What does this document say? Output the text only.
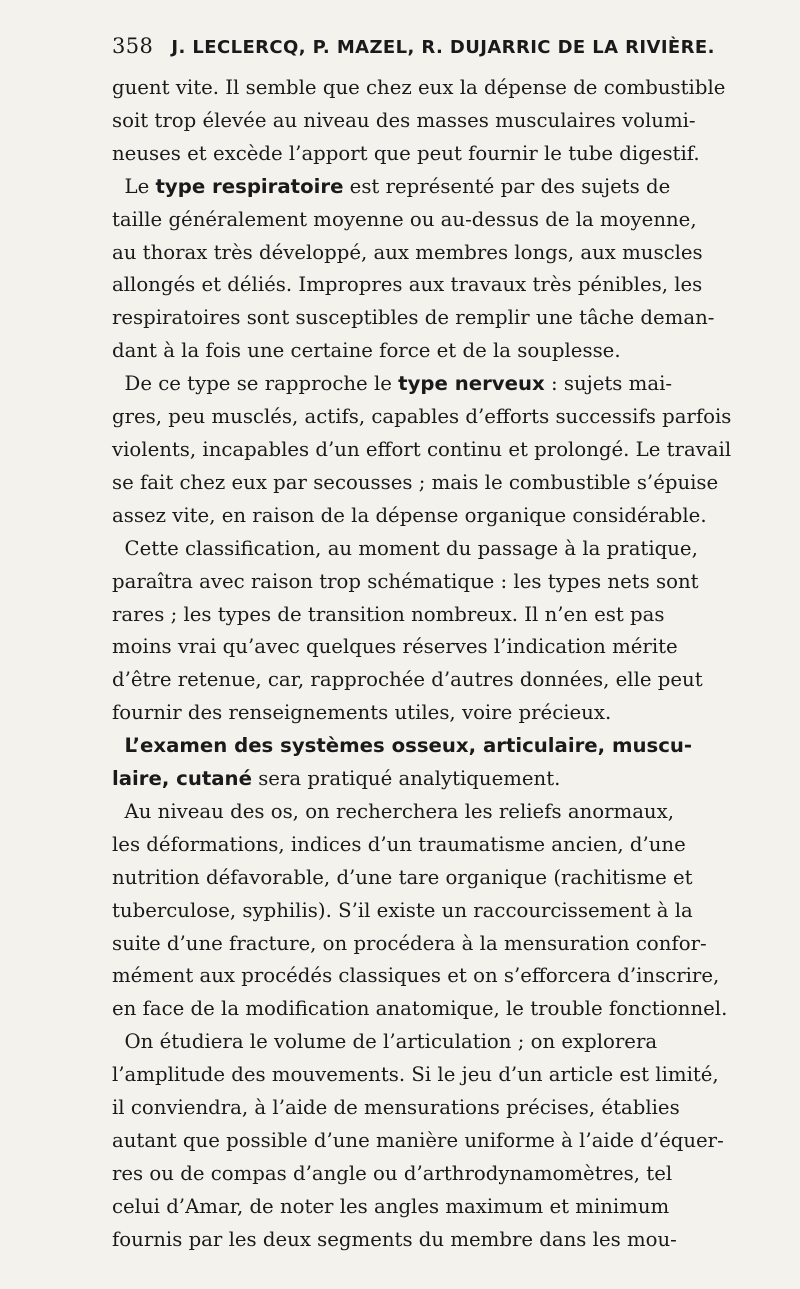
358 J. LECLERCQ, P. MAZEL, R. DUJARRIC DE LA RIVIÈRE.
guent vite. Il semble que chez eux la dépense de combustible
soit trop élevée au niveau des masses musculaires volumi-
neuses et excède l’apport que peut fournir le tube digestif.
Le type respiratoire est représenté par des sujets de
taille généralement moyenne ou au-dessus de la moyenne,
au thorax très développé, aux membres longs, aux muscles
allongés et déliés. Impropres aux travaux très pénibles, les
respiratoires sont susceptibles de remplir une tâche deman-
dant à la fois une certaine force et de la souplesse.
De ce type se rapproche le type nerveux : sujets mai-
gres, peu musclés, actifs, capables d’efforts successifs parfois
violents, incapables d’un effort continu et prolongé. Le travail
se fait chez eux par secousses ; mais le combustible s’épuise
assez vite, en raison de la dépense organique considérable.
Cette classification, au moment du passage à la pratique,
paraîtra avec raison trop schématique : les types nets sont
rares ; les types de transition nombreux. Il n’en est pas
moins vrai qu’avec quelques réserves l’indication mérite
d’être retenue, car, rapprochée d’autres données, elle peut
fournir des renseignements utiles, voire précieux.
L’examen des systèmes osseux, articulaire, muscu-
laire, cutané sera pratiqué analytiquement.
Au niveau des os, on recherchera les reliefs anormaux,
les déformations, indices d’un traumatisme ancien, d’une
nutrition défavorable, d’une tare organique (rachitisme et
tuberculose, syphilis). S’il existe un raccourcissement à la
suite d’une fracture, on procédera à la mensuration confor-
mément aux procédés classiques et on s’efforcera d’inscrire,
en face de la modification anatomique, le trouble fonctionnel.
On étudiera le volume de l’articulation ; on explorera
l’amplitude des mouvements. Si le jeu d’un article est limité,
il conviendra, à l’aide de mensurations précises, établies
autant que possible d’une manière uniforme à l’aide d’équer-
res ou de compas d’angle ou d’arthrodynamomètres, tel
celui d’Amar, de noter les angles maximum et minimum
fournis par les deux segments du membre dans les mou-
